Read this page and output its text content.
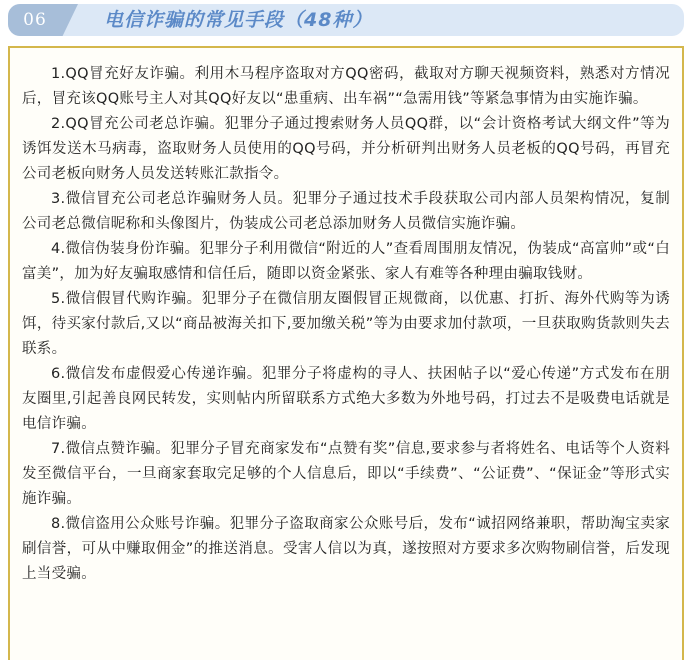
06	电信诈骗的常见手段（48种）

1.QQ冒充好友诈骗。利用木马程序盗取对方QQ密码，截取对方聊天视频资料，熟悉对方情况后，冒充该QQ账号主人对其QQ好友以“患重病、出车祸”“急需用钱”等紧急事情为由实施诈骗。

2.QQ冒充公司老总诈骗。犯罪分子通过搜索财务人员QQ群，以“会计资格考试大纲文件”等为诱饵发送木马病毒，盗取财务人员使用的QQ号码，并分析研判出财务人员老板的QQ号码，再冒充公司老板向财务人员发送转账汇款指令。

3.微信冒充公司老总诈骗财务人员。犯罪分子通过技术手段获取公司内部人员架构情况，复制公司老总微信昵称和头像图片，伪装成公司老总添加财务人员微信实施诈骗。

4.微信伪装身份诈骗。犯罪分子利用微信“附近的人”查看周围朋友情况，伪装成“高富帅”或“白富美”，加为好友骗取感情和信任后，随即以资金紧张、家人有难等各种理由骗取钱财。

5.微信假冒代购诈骗。犯罪分子在微信朋友圈假冒正规微商，以优惠、打折、海外代购等为诱饵，待买家付款后,又以“商品被海关扣下,要加缴关税”等为由要求加付款项，一旦获取购货款则失去联系。

6.微信发布虚假爱心传递诈骗。犯罪分子将虚构的寻人、扶困帖子以“爱心传递”方式发布在朋友圈里,引起善良网民转发，实则帖内所留联系方式绝大多数为外地号码，打过去不是吸费电话就是电信诈骗。

7.微信点赞诈骗。犯罪分子冒充商家发布“点赞有奖”信息,要求参与者将姓名、电话等个人资料发至微信平台，一旦商家套取完足够的个人信息后，即以“手续费”、“公证费”、“保证金”等形式实施诈骗。

8.微信盗用公众账号诈骗。犯罪分子盗取商家公众账号后，发布“诚招网络兼职，帮助淘宝卖家刷信誉，可从中赚取佣金”的推送消息。受害人信以为真，遂按照对方要求多次购物刷信誉，后发现上当受骗。
